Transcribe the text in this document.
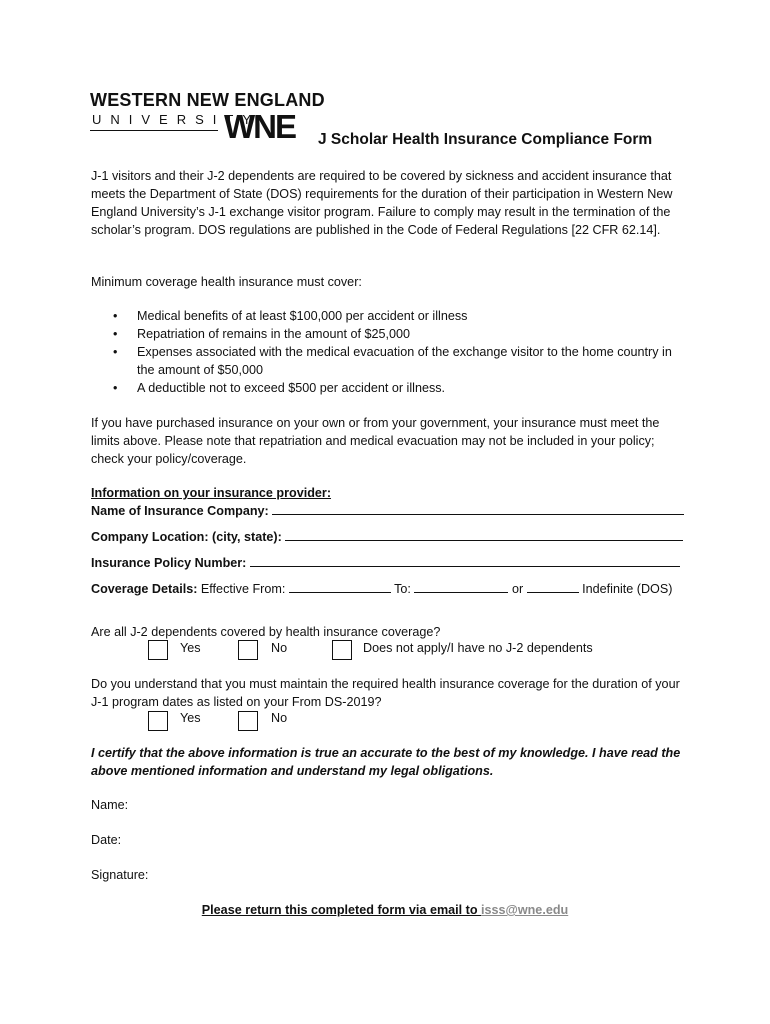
WESTERN NEW ENGLAND
UNIVERSITY
WNE J Scholar Health Insurance Compliance Form
J-1 visitors and their J-2 dependents are required to be covered by sickness and accident insurance that meets the Department of State (DOS) requirements for the duration of their participation in Western New England University’s J-1 exchange visitor program. Failure to comply may result in the termination of the scholar’s program. DOS regulations are published in the Code of Federal Regulations [22 CFR 62.14].
Minimum coverage health insurance must cover:
• Medical benefits of at least $100,000 per accident or illness
• Repatriation of remains in the amount of $25,000
• Expenses associated with the medical evacuation of the exchange visitor to the home country in the amount of $50,000
• A deductible not to exceed $500 per accident or illness.
If you have purchased insurance on your own or from your government, your insurance must meet the limits above. Please note that repatriation and medical evacuation may not be included in your policy; check your policy/coverage.
Information on your insurance provider:
Name of Insurance Company:
Company Location: (city, state):
Insurance Policy Number:
Coverage Details: Effective From:	To:	or	Indefinite (DOS)
Are all J-2 dependents covered by health insurance coverage?
Yes	No	Does not apply/I have no J-2 dependents
Do you understand that you must maintain the required health insurance coverage for the duration of your J-1 program dates as listed on your From DS-2019?
Yes	No
I certify that the above information is true an accurate to the best of my knowledge. I have read the above mentioned information and understand my legal obligations.
Name:
Date:
Signature:
Please return this completed form via email to isss@wne.edu
